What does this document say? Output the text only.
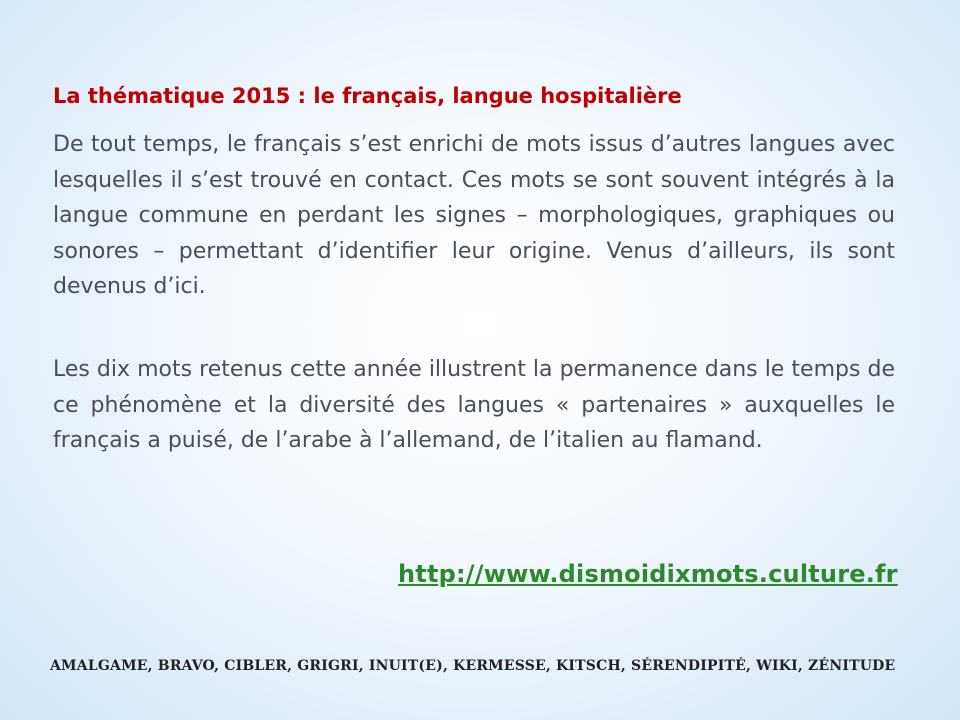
La thématique 2015 : le français, langue hospitalière
De tout temps, le français s’est enrichi de mots issus d’autres langues avec lesquelles il s’est trouvé en contact. Ces mots se sont souvent intégrés à la langue commune en perdant les signes – morphologiques, graphiques ou sonores – permettant d’identifier leur origine. Venus d’ailleurs, ils sont devenus d’ici.
Les dix mots retenus cette année illustrent la permanence dans le temps de ce phénomène et la diversité des langues « partenaires » auxquelles le français a puisé, de l’arabe à l’allemand, de l’italien au flamand.
http://www.dismoidixmots.culture.fr
AMALGAME, BRAVO, CIBLER, GRIGRI, INUIT(E), KERMESSE, KITSCH, SÉRENDIPITÉ, WIKI, ZÉNITUDE
